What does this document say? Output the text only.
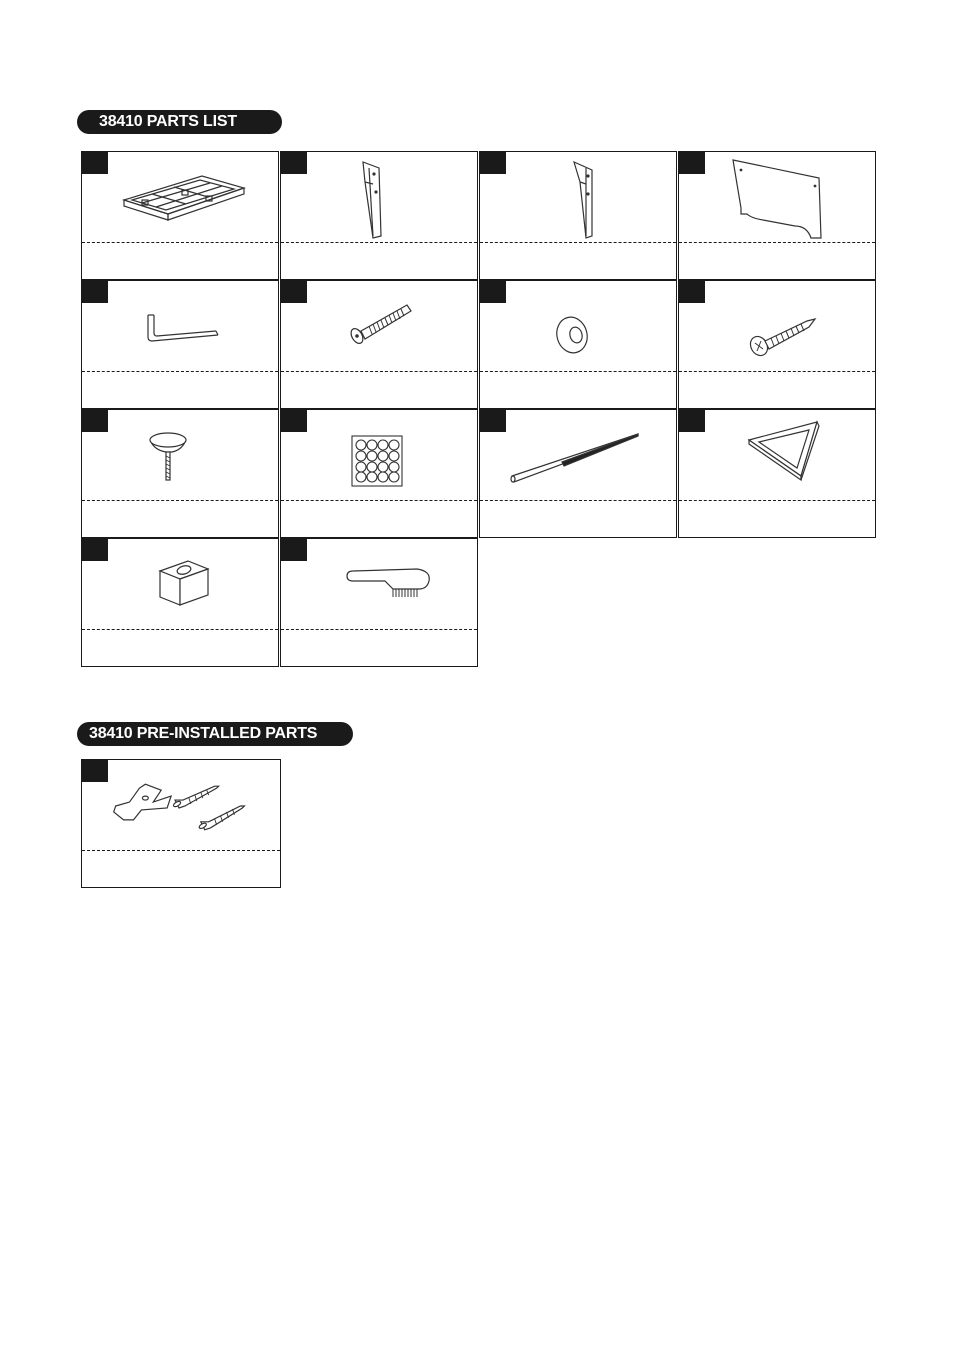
38410 PARTS LIST
38410 PRE-INSTALLED PARTS
